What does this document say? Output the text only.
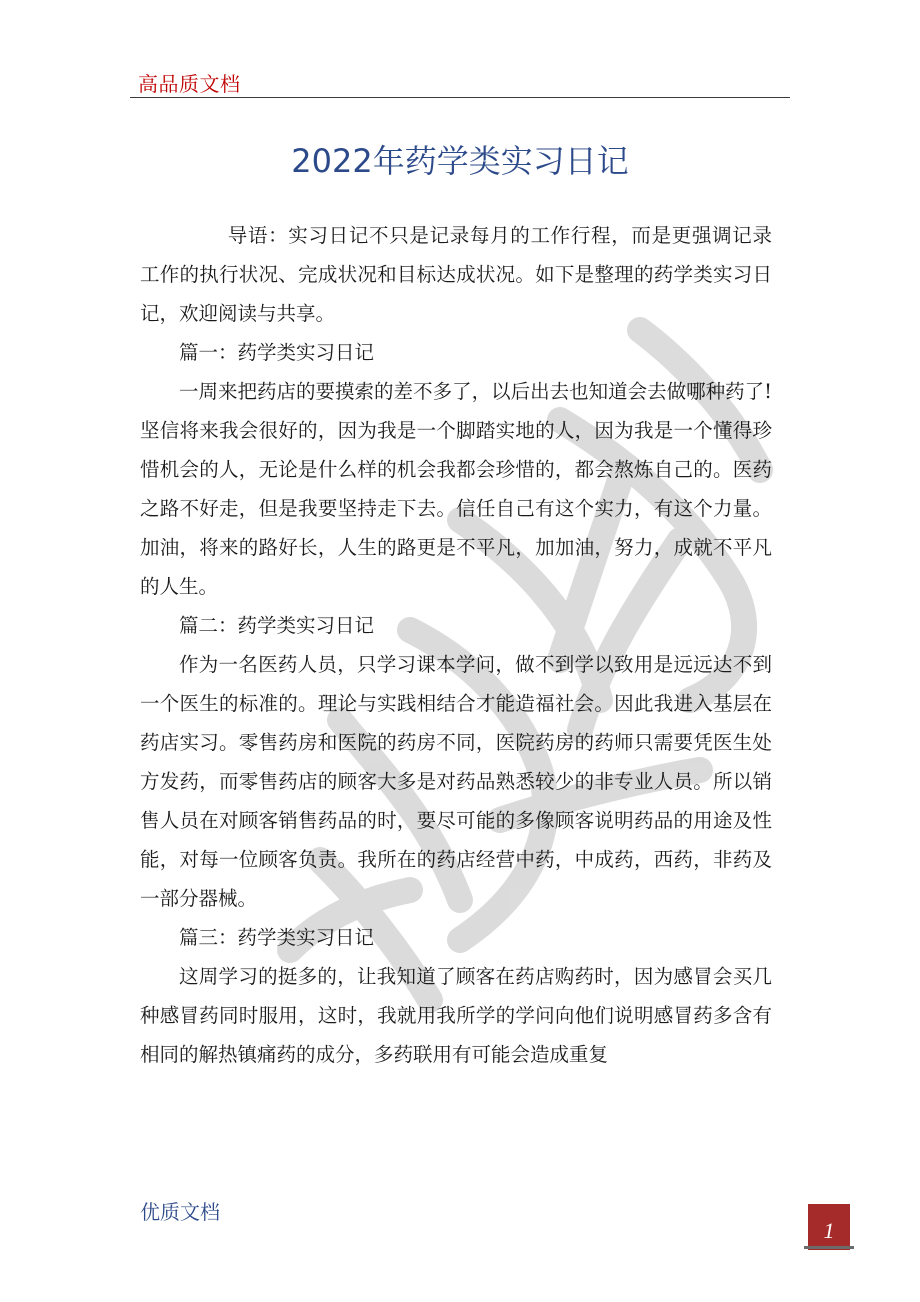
高品质文档
2022年药学类实习日记

导语：实习日记不只是记录每月的工作行程，而是更强调记录工作的执行状况、完成状况和目标达成状况。如下是整理的药学类实习日记，欢迎阅读与共享。

篇一：药学类实习日记

一周来把药店的要摸索的差不多了，以后出去也知道会去做哪种药了!坚信将来我会很好的，因为我是一个脚踏实地的人，因为我是一个懂得珍惜机会的人，无论是什么样的机会我都会珍惜的，都会熬炼自己的。医药之路不好走，但是我要坚持走下去。信任自己有这个实力，有这个力量。加油，将来的路好长，人生的路更是不平凡，加加油，努力，成就不平凡的人生。

篇二：药学类实习日记

作为一名医药人员，只学习课本学问，做不到学以致用是远远达不到一个医生的标准的。理论与实践相结合才能造福社会。因此我进入基层在药店实习。零售药房和医院的药房不同，医院药房的药师只需要凭医生处方发药，而零售药店的顾客大多是对药品熟悉较少的非专业人员。所以销售人员在对顾客销售药品的时，要尽可能的多像顾客说明药品的用途及性能，对每一位顾客负责。我所在的药店经营中药，中成药，西药，非药及一部分器械。

篇三：药学类实习日记

这周学习的挺多的，让我知道了顾客在药店购药时，因为感冒会买几种感冒药同时服用，这时，我就用我所学的学问向他们说明感冒药多含有相同的解热镇痛药的成分，多药联用有可能会造成重复

优质文档
1
